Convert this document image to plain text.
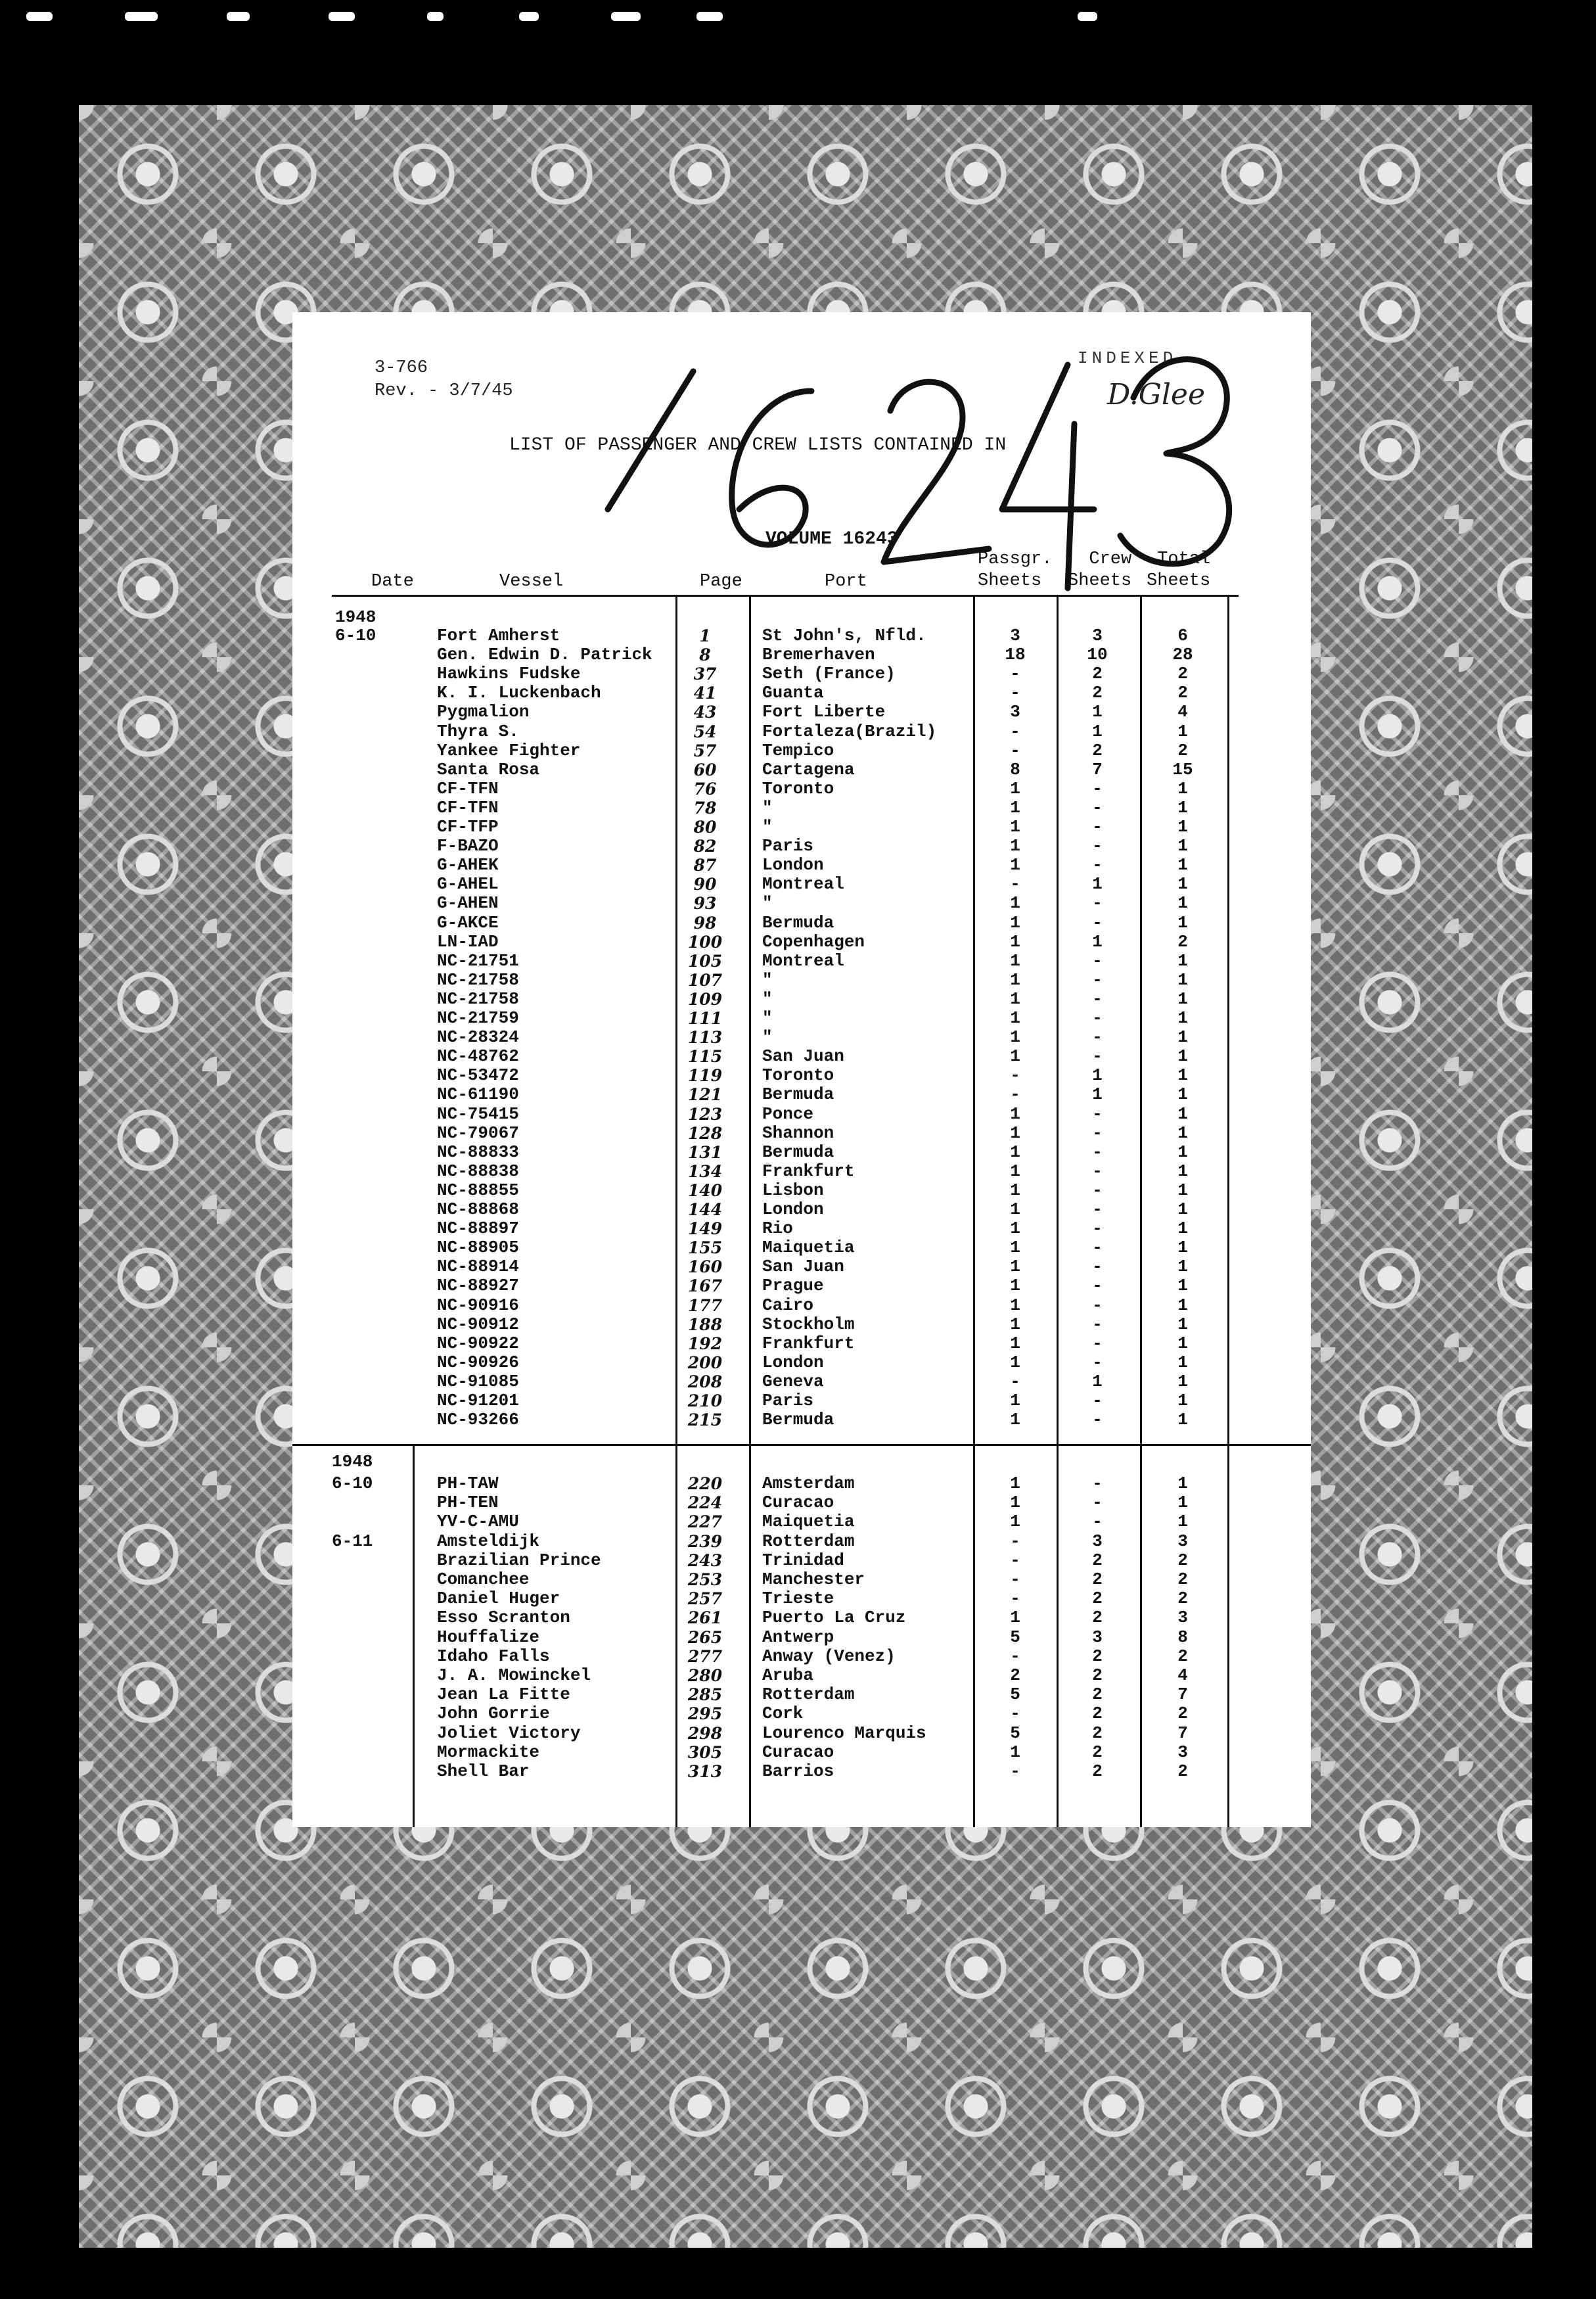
3-766
Rev. - 3/7/45
INDEXED
D.Glee
LIST OF PASSENGER AND CREW LISTS CONTAINED IN
VOLUME 16243
Date	Vessel	Page	Port
Passgr.
Sheets
Crew
Sheets
Total
Sheets
1948
6-10
1948
Fort Amherst	1	St John's, Nfld.	3	3	6
Gen. Edwin D. Patrick	8	Bremerhaven	18	10	28
Hawkins Fudske	37	Seth (France)	-	2	2
K. I. Luckenbach	41	Guanta	-	2	2
Pygmalion	43	Fort Liberte	3	1	4
Thyra S.	54	Fortaleza(Brazil)	-	1	1
Yankee Fighter	57	Tempico	-	2	2
Santa Rosa	60	Cartagena	8	7	15
CF-TFN	76	Toronto	1	-	1
CF-TFN	78	"	1	-	1
CF-TFP	80	"	1	-	1
F-BAZO	82	Paris	1	-	1
G-AHEK	87	London	1	-	1
G-AHEL	90	Montreal	-	1	1
G-AHEN	93	"	1	-	1
G-AKCE	98	Bermuda	1	-	1
LN-IAD	100 Copenhagen	1	1	2
NC-21751	105 Montreal	1	-	1
NC-21758	107 "	1	-	1
NC-21758	109 "	1	-	1
NC-21759	111 "	1	-	1
NC-28324	113 "	1	-	1
NC-48762	115 San Juan	1	-	1
NC-53472	119 Toronto	-	1	1
NC-61190	121 Bermuda	-	1	1
NC-75415	123 Ponce	1	-	1
NC-79067	128 Shannon	1	-	1
NC-88833	131 Bermuda	1	-	1
NC-88838	134 Frankfurt	1	-	1
NC-88855	140 Lisbon	1	-	1
NC-88868	144 London	1	-	1
NC-88897	149 Rio	1	-	1
NC-88905	155 Maiquetia	1	-	1
NC-88914	160 San Juan	1	-	1
NC-88927	167 Prague	1	-	1
NC-90916	177 Cairo	1	-	1
NC-90912	188 Stockholm	1	-	1
NC-90922	192 Frankfurt	1	-	1
NC-90926	200 London	1	-	1
NC-91085	208 Geneva	-	1	1
NC-91201	210 Paris	1	-	1
NC-93266	215 Bermuda	1	-	1
6-10	PH-TAW	220 Amsterdam	1	-	1
PH-TEN	224 Curacao	1	-	1
YV-C-AMU	227 Maiquetia	1	-	1
6-11	Amsteldijk	239 Rotterdam	-	3	3
Brazilian Prince	243 Trinidad	-	2	2
Comanchee	253 Manchester	-	2	2
Daniel Huger	257 Trieste	-	2	2
Esso Scranton	261 Puerto La Cruz	1	2	3
Houffalize	265 Antwerp	5	3	8
Idaho Falls	277 Anway (Venez)	-	2	2
J. A. Mowinckel	280 Aruba	2	2	4
Jean La Fitte	285 Rotterdam	5	2	7
John Gorrie	295 Cork	-	2	2
Joliet Victory	298 Lourenco Marquis	5	2	7
Mormackite	305 Curacao	1	2	3
Shell Bar	313 Barrios	-	2	2
